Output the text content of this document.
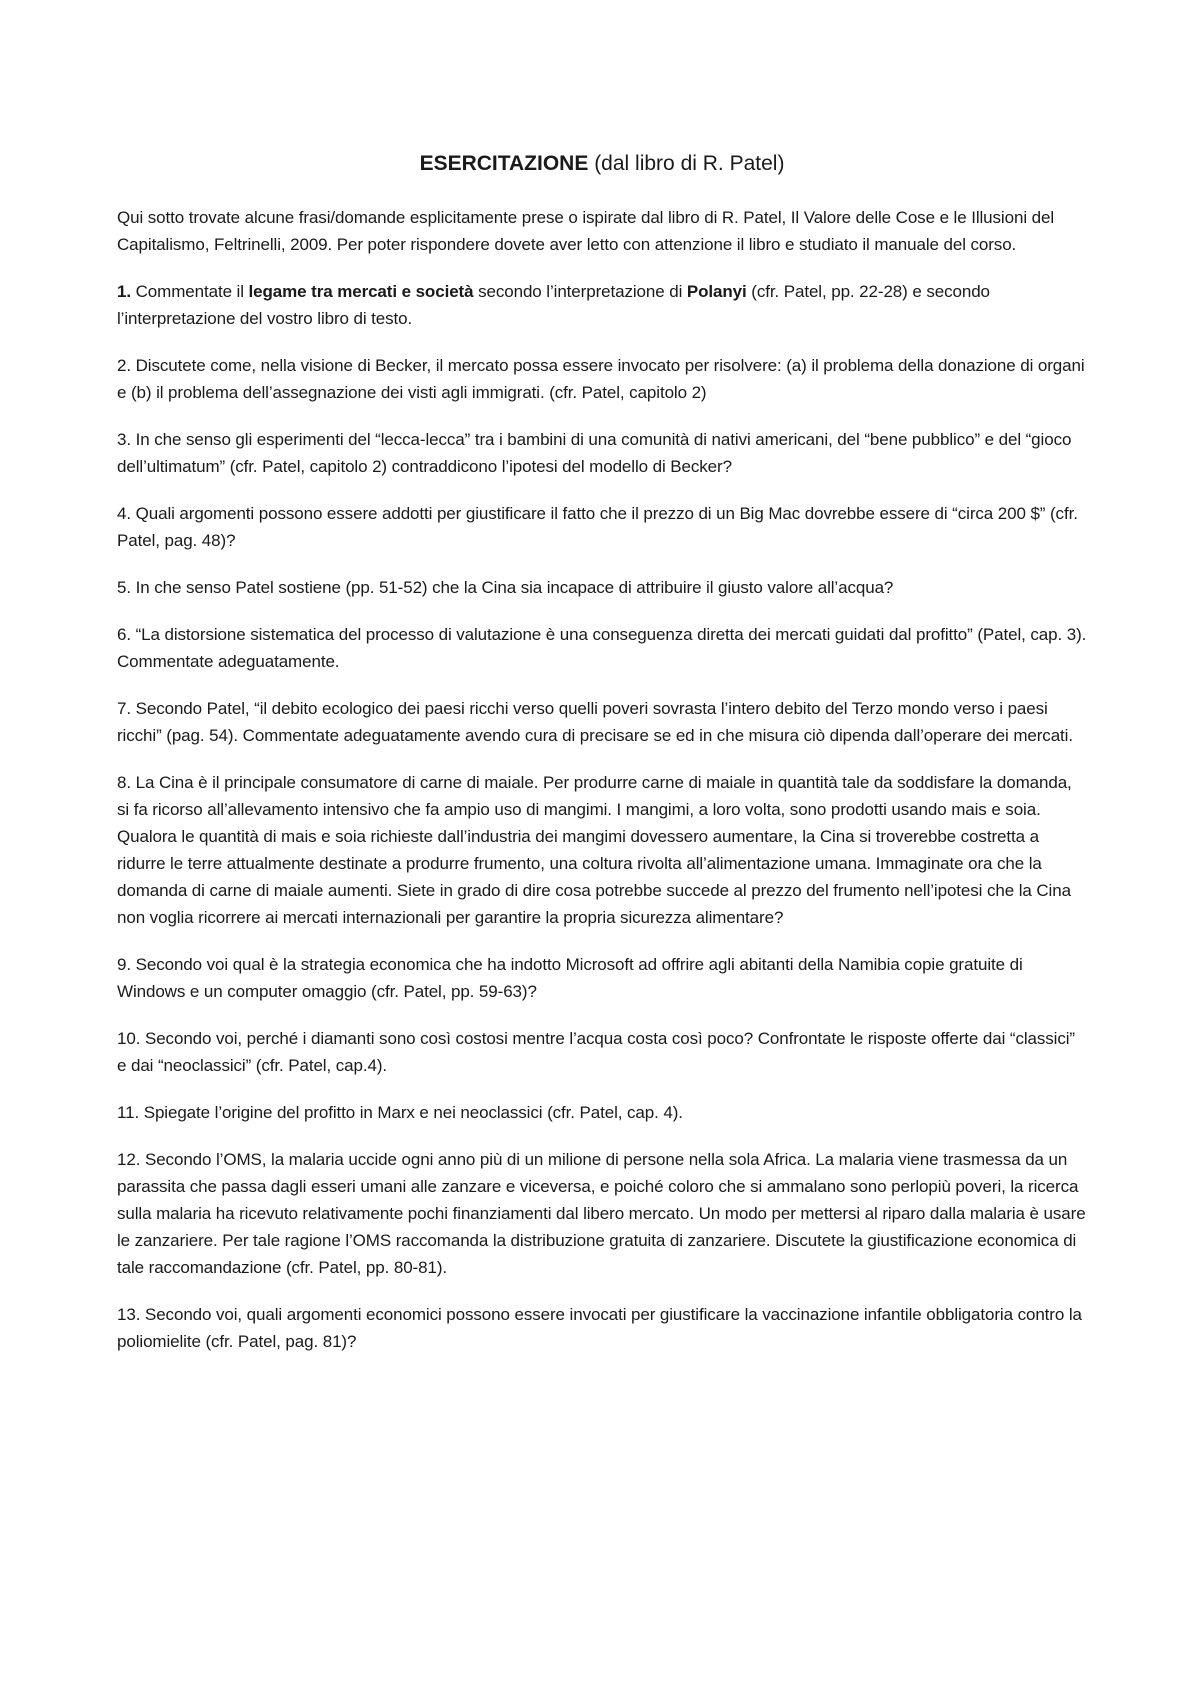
ESERCITAZIONE (dal libro di R. Patel)

Qui sotto trovate alcune frasi/domande esplicitamente prese o ispirate dal libro di R. Patel, Il Valore delle Cose e le Illusioni del Capitalismo, Feltrinelli, 2009. Per poter rispondere dovete aver letto con attenzione il libro e studiato il manuale del corso.

1. Commentate il legame tra mercati e società secondo l’interpretazione di Polanyi (cfr. Patel, pp. 22-28) e secondo l’interpretazione del vostro libro di testo.

2. Discutete come, nella visione di Becker, il mercato possa essere invocato per risolvere: (a) il problema della donazione di organi e (b) il problema dell’assegnazione dei visti agli immigrati. (cfr. Patel, capitolo 2)

3. In che senso gli esperimenti del “lecca-lecca” tra i bambini di una comunità di nativi americani, del “bene pubblico” e del “gioco dell’ultimatum” (cfr. Patel, capitolo 2) contraddicono l’ipotesi del modello di Becker?

4. Quali argomenti possono essere addotti per giustificare il fatto che il prezzo di un Big Mac dovrebbe essere di “circa 200 $” (cfr. Patel, pag. 48)?

5. In che senso Patel sostiene (pp. 51-52) che la Cina sia incapace di attribuire il giusto valore all’acqua?

6. “La distorsione sistematica del processo di valutazione è una conseguenza diretta dei mercati guidati dal profitto” (Patel, cap. 3). Commentate adeguatamente.

7. Secondo Patel, “il debito ecologico dei paesi ricchi verso quelli poveri sovrasta l’intero debito del Terzo mondo verso i paesi ricchi” (pag. 54). Commentate adeguatamente avendo cura di precisare se ed in che misura ciò dipenda dall’operare dei mercati.

8. La Cina è il principale consumatore di carne di maiale. Per produrre carne di maiale in quantità tale da soddisfare la domanda, si fa ricorso all’allevamento intensivo che fa ampio uso di mangimi. I mangimi, a loro volta, sono prodotti usando mais e soia. Qualora le quantità di mais e soia richieste dall’industria dei mangimi dovessero aumentare, la Cina si troverebbe costretta a ridurre le terre attualmente destinate a produrre frumento, una coltura rivolta all’alimentazione umana. Immaginate ora che la domanda di carne di maiale aumenti. Siete in grado di dire cosa potrebbe succede al prezzo del frumento nell’ipotesi che la Cina non voglia ricorrere ai mercati internazionali per garantire la propria sicurezza alimentare?

9. Secondo voi qual è la strategia economica che ha indotto Microsoft ad offrire agli abitanti della Namibia copie gratuite di Windows e un computer omaggio (cfr. Patel, pp. 59-63)?

10. Secondo voi, perché i diamanti sono così costosi mentre l’acqua costa così poco? Confrontate le risposte offerte dai “classici” e dai “neoclassici” (cfr. Patel, cap.4).

11. Spiegate l’origine del profitto in Marx e nei neoclassici (cfr. Patel, cap. 4).

12. Secondo l’OMS, la malaria uccide ogni anno più di un milione di persone nella sola Africa. La malaria viene trasmessa da un parassita che passa dagli esseri umani alle zanzare e viceversa, e poiché coloro che si ammalano sono perlopiù poveri, la ricerca sulla malaria ha ricevuto relativamente pochi finanziamenti dal libero mercato. Un modo per mettersi al riparo dalla malaria è usare le zanzariere. Per tale ragione l’OMS raccomanda la distribuzione gratuita di zanzariere. Discutete la giustificazione economica di tale raccomandazione (cfr. Patel, pp. 80-81).

13. Secondo voi, quali argomenti economici possono essere invocati per giustificare la vaccinazione infantile obbligatoria contro la poliomielite (cfr. Patel, pag. 81)?
